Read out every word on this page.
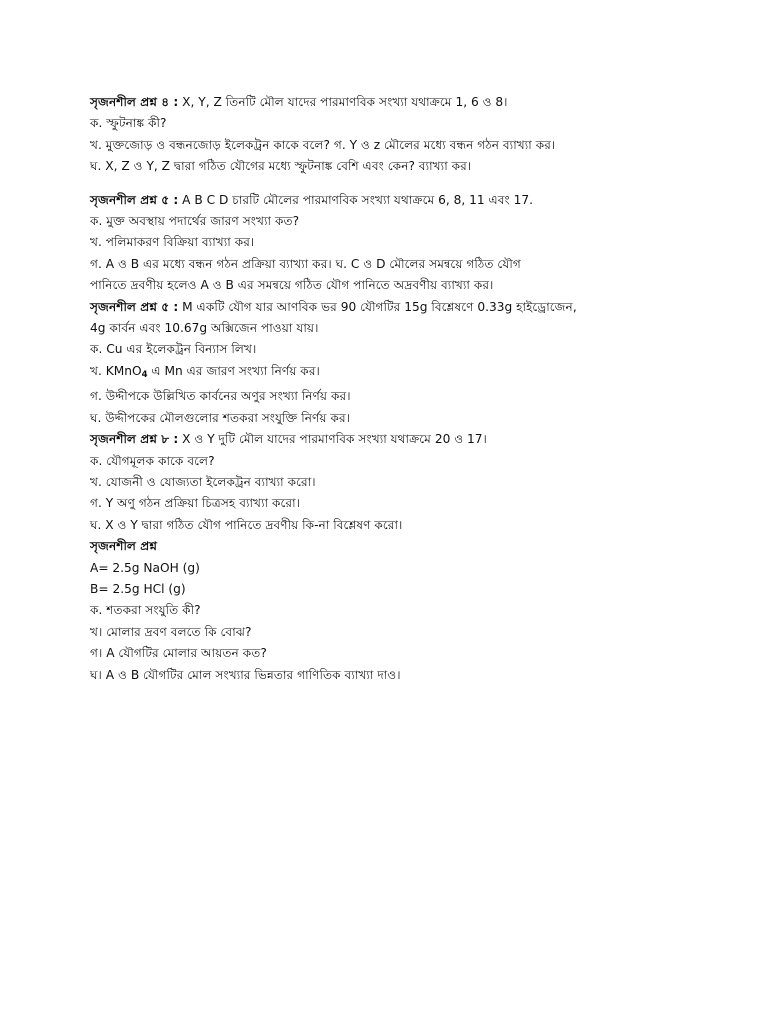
সৃজনশীল প্রশ্ন ৪ : X, Y, Z তিনটি মৌল যাদের পারমাণবিক সংখ্যা যথাক্রমে 1, 6 ও 8।

ক. স্ফুটনাঙ্ক কী?

খ. মুক্তজোড় ও বন্ধনজোড় ইলেকট্রন কাকে বলে? গ. Y ও z মৌলের মধ্যে বন্ধন গঠন ব্যাখ্যা কর।

ঘ. X, Z ও Y, Z দ্বারা গঠিত যৌগের মধ্যে স্ফুটনাঙ্ক বেশি এবং কেন? ব্যাখ্যা কর।

সৃজনশীল প্রশ্ন ৫ : A B C D চারটি মৌলের পারমাণবিক সংখ্যা যথাক্রমে 6, 8, 11 এবং 17.

ক. মুক্ত অবস্থায় পদার্থের জারণ সংখ্যা কত?

খ. পলিমাকরণ বিক্রিয়া ব্যাখ্যা কর।

গ. A ও B এর মধ্যে বন্ধন গঠন প্রক্রিয়া ব্যাখ্যা কর। ঘ. C ও D মৌলের সমন্বয়ে গঠিত যৌগ

পানিতে দ্রবণীয় হলেও A ও B এর সমন্বয়ে গঠিত যৌগ পানিতে অদ্রবণীয় ব্যাখ্যা কর।

সৃজনশীল প্রশ্ন ৫ : M একটি যৌগ যার আণবিক ভর 90 যৌগটির 15g বিশ্লেষণে 0.33g হাইড্রোজেন,

4g কার্বন এবং 10.67g অক্সিজেন পাওয়া যায়।

ক. Cu এর ইলেকট্রন বিন্যাস লিখ।

খ. KMnO$_4$ এ Mn এর জারণ সংখ্যা নির্ণয় কর।

গ. উদ্দীপকে উল্লিখিত কার্বনের অণুর সংখ্যা নির্ণয় কর।

ঘ. উদ্দীপকের মৌলগুলোর শতকরা সংযুক্তি নির্ণয় কর।

সৃজনশীল প্রশ্ন ৮ : X ও Y দুটি মৌল যাদের পারমাণবিক সংখ্যা যথাক্রমে 20 ও 17।

ক. যৌগমূলক কাকে বলে?

খ. যোজনী ও যোজ্যতা ইলেকট্রন ব্যাখ্যা করো।

গ. Y অণু গঠন প্রক্রিয়া চিত্রসহ ব্যাখ্যা করো।

ঘ. X ও Y দ্বারা গঠিত যৌগ পানিতে দ্রবণীয় কি-না বিশ্লেষণ করো।

সৃজনশীল প্রশ্ন

A= 2.5g NaOH (g)

B= 2.5g HCl (g)

ক. শতকরা সংযুতি কী?

খ। মোলার দ্রবণ বলতে কি বোঝ?

গ। A যৌগটির মোলার আয়তন কত?

ঘ। A ও B যৌগটির মোল সংখ্যার ভিন্নতার গাণিতিক ব্যাখ্যা দাও।
